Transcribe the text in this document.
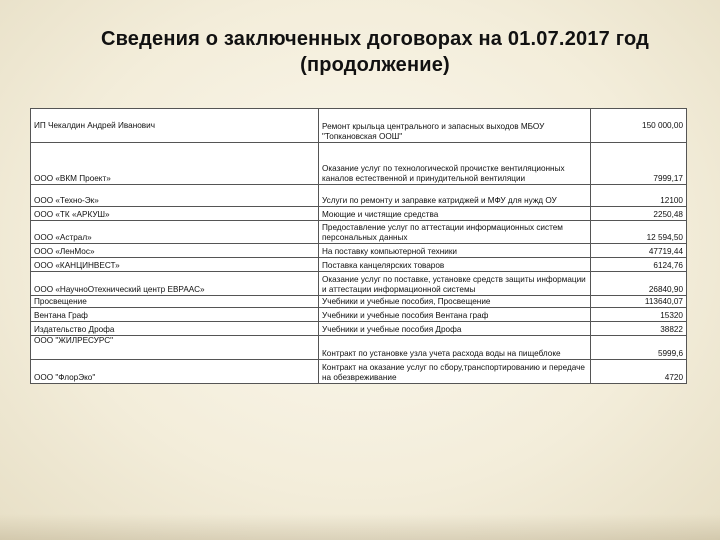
Сведения о заключенных договорах на 01.07.2017 год
(продолжение)
ИП Чекалдин Андрей Иванович	Ремонт крыльца центрального и запасных выходов МБОУ "Топкановская ООШ"	150 000,00
ООО «ВКМ Проект»	Оказание услуг по технологической прочистке вентиляционных каналов естественной и принудительной вентиляции	7999,17
ООО «Техно-Эк»	Услуги по ремонту и заправке катриджей и МФУ для нужд ОУ	12100
ООО «ТК «АРКУШ»	Моющие и чистящие средства	2250,48
ООО «Астрал»	Предоставление услуг по аттестации информационных систем персональных данных	12 594,50
ООО «ЛенМос»	На поставку компьютерной техники	47719,44
ООО «КАНЦИНВЕСТ»	Поставка канцелярских товаров	6124,76
ООО «НаучноОтехнический центр ЕВРААС»	Оказание услуг по поставке, установке средств защиты информации и аттестации информационной системы	26840,90
Просвещение	Учебники и учебные пособия, Просвещение	113640,07
Вентана Граф	Учебники и учебные пособия Вентана граф	15320
Издательство Дрофа	Учебники и учебные пособия Дрофа	38822
ООО "ЖИЛРЕСУРС"	Контракт по установке узла учета расхода воды на пищеблоке	5999,6
ООО "ФлорЭко"	Контракт на оказание услуг по сбору,транспортированию и передаче на обезвреживание	4720
